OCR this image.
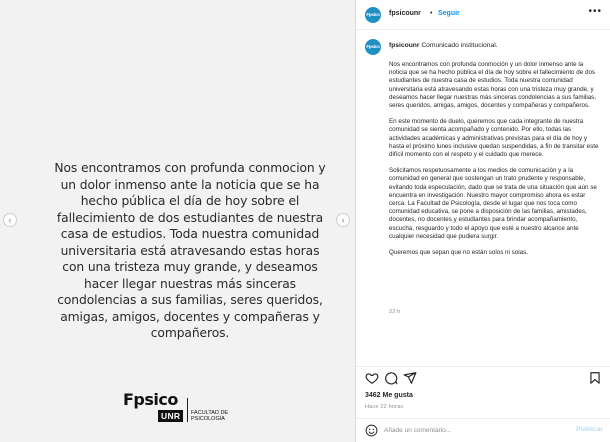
Nos encontramos con profunda conmocion y un dolor inmenso ante la noticia que se ha hecho pública el día de hoy sobre el fallecimiento de dos estudiantes de nuestra casa de estudios. Toda nuestra comunidad universitaria está atravesando estas horas con una tristeza muy grande, y deseamos hacer llegar nuestras más sinceras condolencias a sus familias, seres queridos, amigas, amigos, docentes y compañeras y compañeros.
‹	›
Fpsico
UNR	FACULTAD DE
PSICOLOGÍA
Fpsico fpsicounr • Seguir	•••
Fpsico fpsicounr Comunicado institucional.

Nos encontramos con profunda conmoción y un dolor inmenso ante la noticia que se ha hecho pública el día de hoy sobre el fallecimiento de dos estudiantes de nuestra casa de estudios. Toda nuestra comunidad universitaria está atravesando estas horas con una tristeza muy grande, y deseamos hacer llegar nuestras más sinceras condolencias a sus familias, seres queridos, amigas, amigos, docentes y compañeras y compañeros.

En este momento de duelo, queremos que cada integrante de nuestra comunidad se sienta acompañado y contenido. Por ello, todas las actividades académicas y administrativas previstas para el día de hoy y hasta el próximo lunes inclusive quedan suspendidas, a fin de transitar este difícil momento con el respeto y el cuidado que merece.

Solicitamos respetuosamente a los medios de comunicación y a la comunidad en general que sostengan un trato prudente y responsable, evitando toda especulación, dado que se trata de una situación que aún se encuentra en investigación. Nuestro mayor compromiso ahora es estar cerca. La Facultad de Psicología, desde el lugar que nos toca como comunidad educativa, se pone a disposición de las familias, amistades, docentes, no docentes y estudiantes para brindar acompañamiento, escucha, resguardo y todo el apoyo que esté a nuestro alcance ante cualquier necesidad que pudiera surgir.

Queremos que sepan que no están solos ni solas.

22 h
3462 Me gusta
Hace 22 horas
Añade un comentario...
Publicar
